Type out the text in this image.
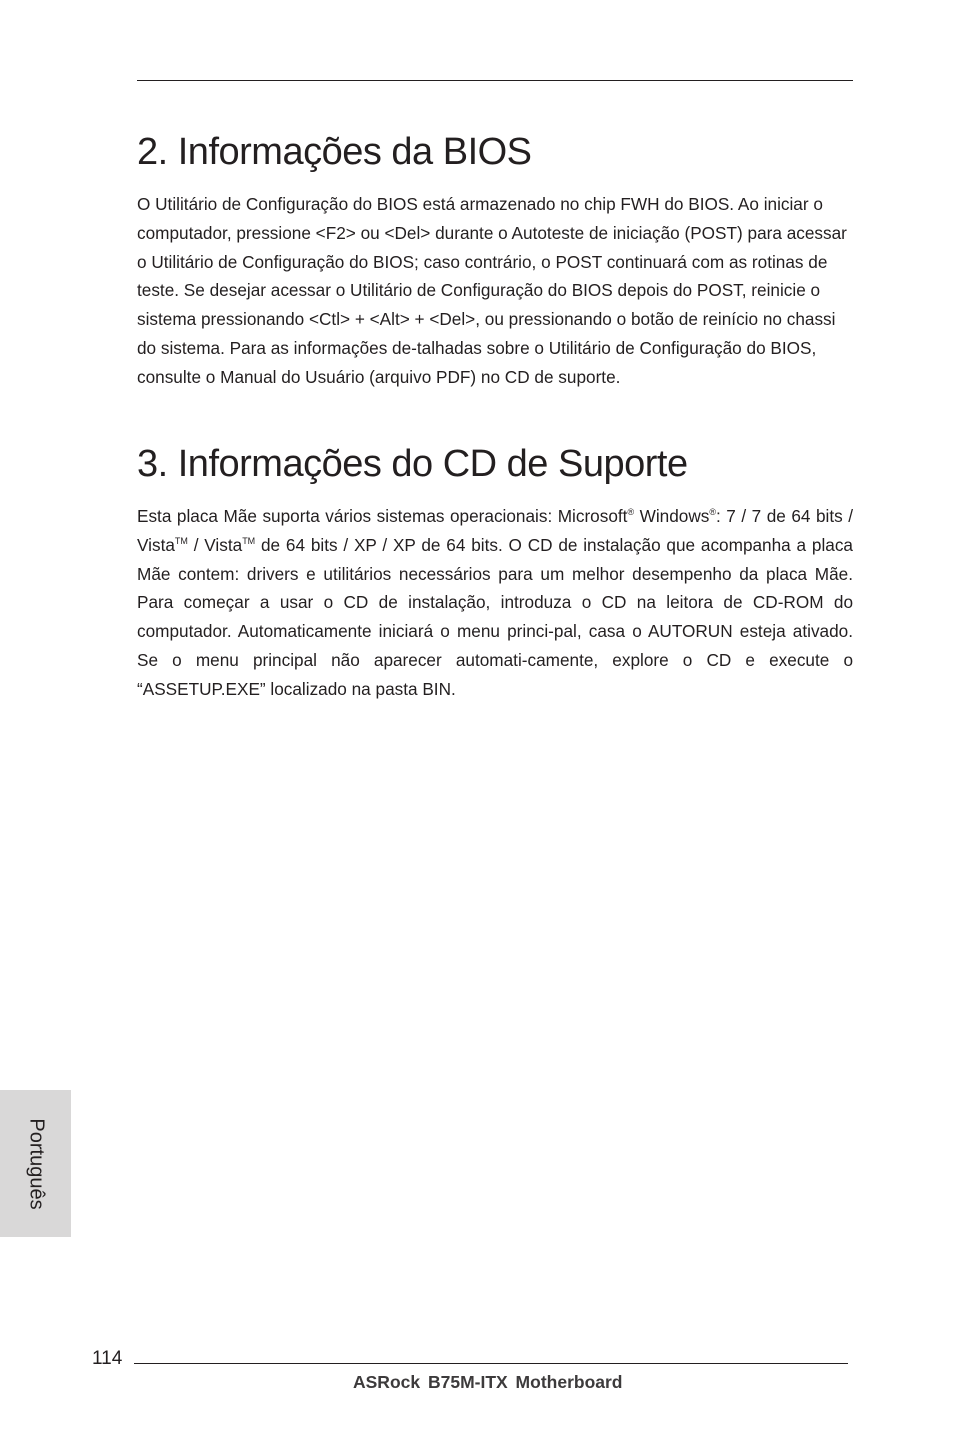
2. Informações da BIOS

O Utilitário de Configuração do BIOS está armazenado no chip FWH do BIOS. Ao iniciar o computador, pressione <F2> ou <Del> durante o Autoteste de iniciação (POST) para acessar o Utilitário de Configuração do BIOS; caso contrário, o POST continuará com as rotinas de teste. Se desejar acessar o Utilitário de Configuração do BIOS depois do POST, reinicie o sistema pressionando <Ctl> + <Alt> + <Del>, ou pressionando o botão de reinício no chassi do sistema. Para as informações de-talhadas sobre o Utilitário de Configuração do BIOS, consulte o Manual do Usuário (arquivo PDF) no CD de suporte.

3. Informações do CD de Suporte

Esta placa Mãe suporta vários sistemas operacionais: Microsoft® Windows®: 7 / 7 de 64 bits / Vista™ / Vista™ de 64 bits / XP / XP de 64 bits. O CD de instalação que acompanha a placa Mãe contem: drivers e utilitários necessários para um melhor desempenho da placa Mãe. Para começar a usar o CD de instalação, introduza o CD na leitora de CD-ROM do computador. Automaticamente iniciará o menu princi-pal, casa o AUTORUN esteja ativado. Se o menu principal não aparecer automati-camente, explore o CD e execute o “ASSETUP.EXE” localizado na pasta BIN.

Português
114
ASRock B75M-ITX Motherboard
